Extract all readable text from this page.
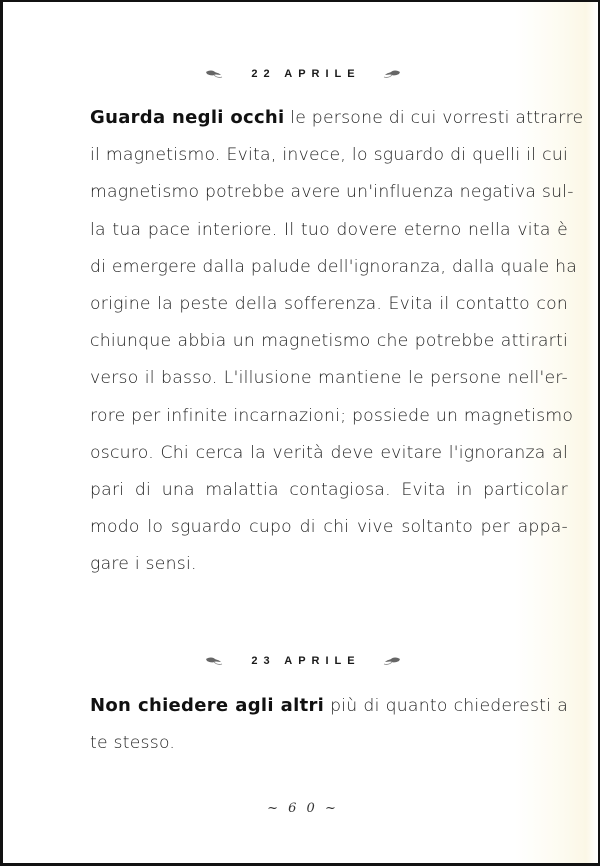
22 APRILE
Guarda negli occhi le persone di cui vorresti attrarre
il magnetismo. Evita, invece, lo sguardo di quelli il cui
magnetismo potrebbe avere un'influenza negativa sul-
la tua pace interiore. Il tuo dovere eterno nella vita è
di emergere dalla palude dell'ignoranza, dalla quale ha
origine la peste della sofferenza. Evita il contatto con
chiunque abbia un magnetismo che potrebbe attirarti
verso il basso. L'illusione mantiene le persone nell'er-
rore per infinite incarnazioni; possiede un magnetismo
oscuro. Chi cerca la verità deve evitare l'ignoranza al
pari di una malattia contagiosa. Evita in particolar
modo lo sguardo cupo di chi vive soltanto per appa-
gare i sensi.
23 APRILE
Non chiedere agli altri più di quanto chiederesti a
te stesso.
~ 6 0 ~
